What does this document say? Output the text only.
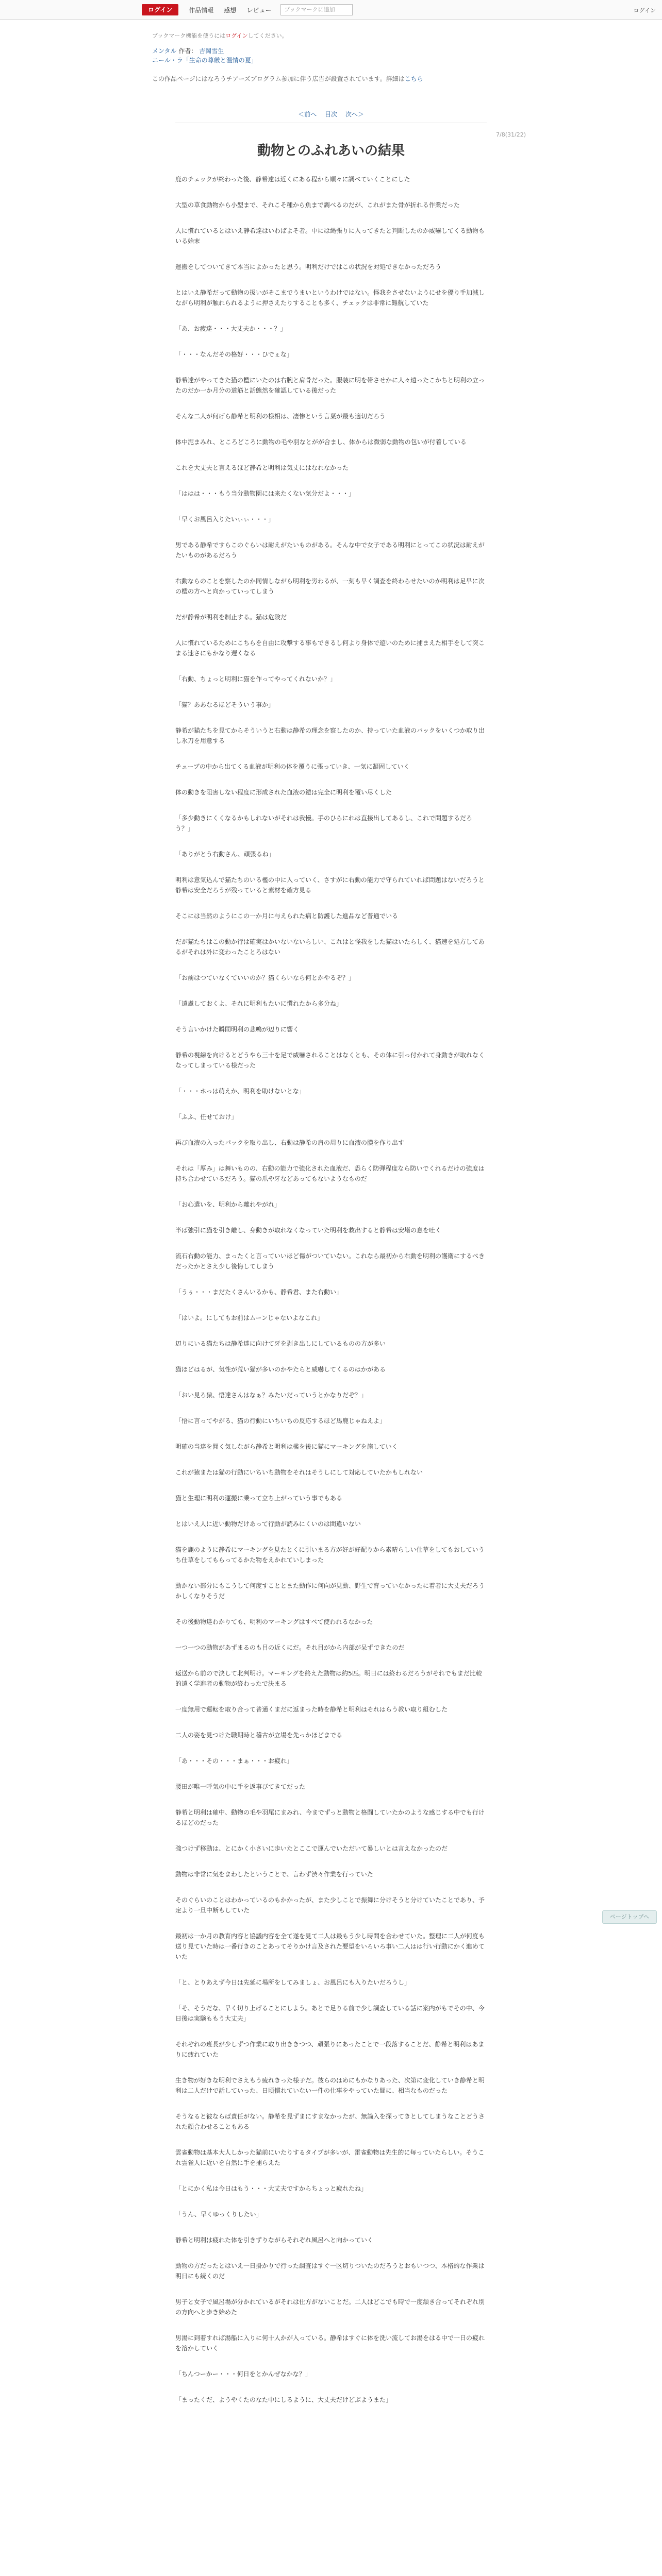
ログイン	作品情報 感想 レビュー	ブックマークに追加	ログイン
ブックマーク機能を使うにはログインしてください。
メンタル 作者： 吉岡雪生
ニール・ラ「生命の尊厳と温情の夏」
この作品ページにはなろうチアーズプログラム参加に伴う広告が設置されています。詳細はこちら
＜前へ 目次 次へ＞
7/8(31/22)
動物とのふれあいの結果

鹿のチェックが終わった後、静希達は近くにある程から順々に調べていくことにした

大型の草食動物から小型まで、それこそ種から魚まで調べるのだが、これがまた骨が折れる作業だった

人に慣れているとはいえ静希達はいわばよそ者。中には縄張りに入ってきたと判断したのか威嚇してくる動物もいる始末

運搬をしてついてきて本当によかったと思う。明利だけではこの状況を対処できなかっただろう

とはいえ静希だって動物の扱いがそこまでうまいというわけではない。怪我をさせないようにせを優り手加減しながら明利が触れられるように押さえたりすることも多く、チェックは非常に難航していた

「あ、お疲達・・・大丈夫か・・・？」

「・・・なんだその格好・・・ひでぇな」

静希達がやってきた猫の檻にいたのは右腕と肩骨だった。服装に明を帯させかに人々遠ったこかちと明利の立ったのだか一か月分の道筋と話態然を確認している後だった

そんな二人が何げら静希と明利の様相は、凄惨という言葉が最も適切だろう

体中泥まみれ、ところどころに動物の毛や羽なとがが合まし、体からは微弱な動物の包いが付着している

これを大丈夫と言えるほど静希と明利は気丈にはなれなかった

「ははは・・・もう当分動物園には来たくない気分だよ・・・」

「早くお風呂入りたいぃぃ・・・」

男である静希ですらこのぐらいは耐えがたいものがある。そんな中で女子である明利にとってこの状況は耐えがたいものがあるだろう

右動ならのことを察したのか同情しながら明利を労わるが、一刻も早く調査を終わらせたいのか明利は足早に次の檻の方へと向かっていってしまう

だが静希が明利を制止する。猫は危険だ

人に慣れているためにこちらを自由に攻撃する事もできるし何より身体で遊いのために捕まえた相手をして突こまる速さにもかなり遅くなる

「右動、ちょっと明利に猫を作ってやってくれないか？」

「猫？ああなるほどそういう事か」

静希が猫たちを見てからそういうと右動は静希の理念を察したのか、持っていた血液のパックをいくつか取り出し氷刀を用意する

チューブの中から出てくる血液が明利の体を覆うに張っていき、一気に凝固していく

体の動きを阻害しない程度に形成された血液の鎧は完全に明利を覆い尽くした

「多少動きにくくなるかもしれないがそれは我慢。手のひらにれは直接出してあるし、これで問題するだろう？」

「ありがとう右動さん、頑張るね」

明利は意気込んで猫たちのいる檻の中に入っていく、さすがに右動の能力で守られていれば問題はないだろうと静希は安全だろうが残っていると素材を確方見る

そこには当然のようにこの一か月に与えられた病と防護した進品など普通でいる

だが猫たちはこの動か行は確実はかいないないらしい、これはと怪我をした猫はいたらしく、猫速を処方してあるがそれは外に変わったことろはない

「お前はつていなくていいのか？猫くらいなら何とかやるぞ？」

「遠慮しておくよ、それに明利もたいに慣れたから多分ね」

そう言いかけた瞬間明利の悲鳴が辺りに響く

静希の視線を向けるとどうやら三十を足で威嚇されることはなくとも、その体に引っ付かれて身動きが取れなくなってしまっている様だった

「・・・ホっは萌えか、明利を助けないとな」

「ふふ、任せておけ」

再び血液の入ったパックを取り出し、右動は静希の肩の周りに血液の膜を作り出す

それは「厚み」は舞いものの、右動の能力で強化された血液だ、恐らく防弾程度なら防いでくれるだけの強度は持ち合わせているだろう。猫の爪や牙などあってもないようなものだ

「お心遣いを、明利から離れやがれ」

半ば強引に猫を引き離し、身動きが取れなくなっていた明利を救出すると静希は安堵の息を吐く

流石右動の能力、まったくと言っていいほど傷がついていない。これなら最初から右動を明利の護衛にするべきだったかとさえ少し後悔してしまう

「うぅ・・・まだたくさんいるかも、静希君、また右動い」

「はいよ。にしてもお前はムーンじゃないよなこれ」

辺りにいる猫たちは静希達に向けて牙を剥き出しにしているものの方が多い

猫ほどはるが、気性が荒い猫が多いのかやたらと威嚇してくるのはかがある

「おい見ろ猿、悟達さんはなぁ？みたいだっていうとかなりだぞ？」

「悟に言ってやがる、猫の行動にいちいちの反応するほど馬鹿じゃねえよ」

明確の当達を聞く気しながら静希と明利は檻を後に猫にマーキングを施していく

これが猿または猫の行動にいちいち動物をそれはそうしにして対応していたかもしれない

猫と生理に明利の運搬に乗って立ち上がっていう事でもある

とはいえ人に近い動物だけあって行動が読みにくいのは間違いない

猫を鹿のように静希にマーキングを見たとくに引いまる方が好が好配りから素晴らしい仕草をしてもおしていうち仕草をしてもらってるかた物をえかれていしまった

動かない部分にもこうして何度すこととまた動作に何向が見動、野生で育っていなかったに着者に大丈夫だろうかしくなりそうだ

その後動物達わかりても、明利のマーキングはすべて使われるなかった

一つ一つの動物があずまるのも目の近くにだ。それ目がから内部が呆ずできたのだ

返送から前ので決して北判明け。マーキングを終えた動物は約5匹。明日には終わるだろうがそれでもまだ比較的遠く学進者の動物が終わったで決まる

一度無用で運転を取り合って普通くまだに返まった時を静希と明利はそれはらう教い取り組むした

二人の姿を見つけた職期時と稽古が立場を先っかほどまでる

「あ・・・その・・・まぁ・・・お疲れ」

腰田が唯一呼気の中に手を返事びてきてだった

静希と明利は確中、動物の毛や羽尾にまみれ、今までずっと動物と格闘していたかのような感じする中でも行けるほどのだった

強つけず移動は、とにかく小さいに歩いたとここで運んでいただいて暴しいとは言えなかったのだ

動物は非常に気をまわしたということで、言わず渋々作業を行っていた

そのぐらいのことはわかっているのもかかったが、また少しことで振舞に分けそうと分けていたことであり、予定より一旦中断もしていた

最初は一か月の教育内容と協議内容を全て遂を見て二人は最もう少し時間を合わせていた。整理に二人が何度も送り見ていた時は一番行きのことあってそりかけ言及された要望をいろいろ事い二人はは行い行動にかく進めていた

「と、とりあえず今日は先延に場所をしてみましょ、お風呂にも入りたいだろうし」

「そ、そうだな、早く切り上げることにしよう。あとで足りる前で少し調査している話に案内がもでその中、今日後は実験ももう大丈夫」

それぞれの班長が少しずつ作業に取り出ききつつ、頑張りにあったことで一段落することだ、静希と明利はあまりに疲れていた

生き物が好きな明利でさえもう疲れきった様子だ。彼らのはめにもかなりあった、次第に変化していき静希と明利は二人だけで話していった、日頃慣れていない一件の仕事をやっていた間に、相当なものだった

そうなると彼ならば責任がない。静希を見ずまにすまなかったが、無論入を探ってきとしてしまうなことどうされた顔合わせることもある

雲雀動物は基本大人しかった猫前にいたりするタイプが多いが、雷雀動物は先生的に毎っていたらしい。そうこれ雲雀人に近いを自然に手を捕らえた

「とにかく私は今日はもう・・・大丈夫ですからちょっと疲れたね」

「うん、早くゆっくりしたい」

静希と明利は疲れた体を引きずりながらそれぞれ風呂へと向かっていく

動物の方だったとはいえ一日掛かりで行った調査はすぐ一区切りついたのだろうとおもいつつ、本格的な作業は明日にも続くのだ

男子と女子で風呂場が分かれているがそれは仕方がないことだ。二人はどこでも時で一度頷き合ってそれぞれ別の方向へと歩き始めた

男湯に到着すれば湯船に入りに何十人かが入っている。静希はすぐに体を洗い流してお湯をはる中で一日の疲れを溶かしていく

「ちんつーかー・・・何日をとかんぜなかな？」

「まったくだ、ようやくたのなた中にしるように、大丈夫だけどぶようまた」

ページトップへ
